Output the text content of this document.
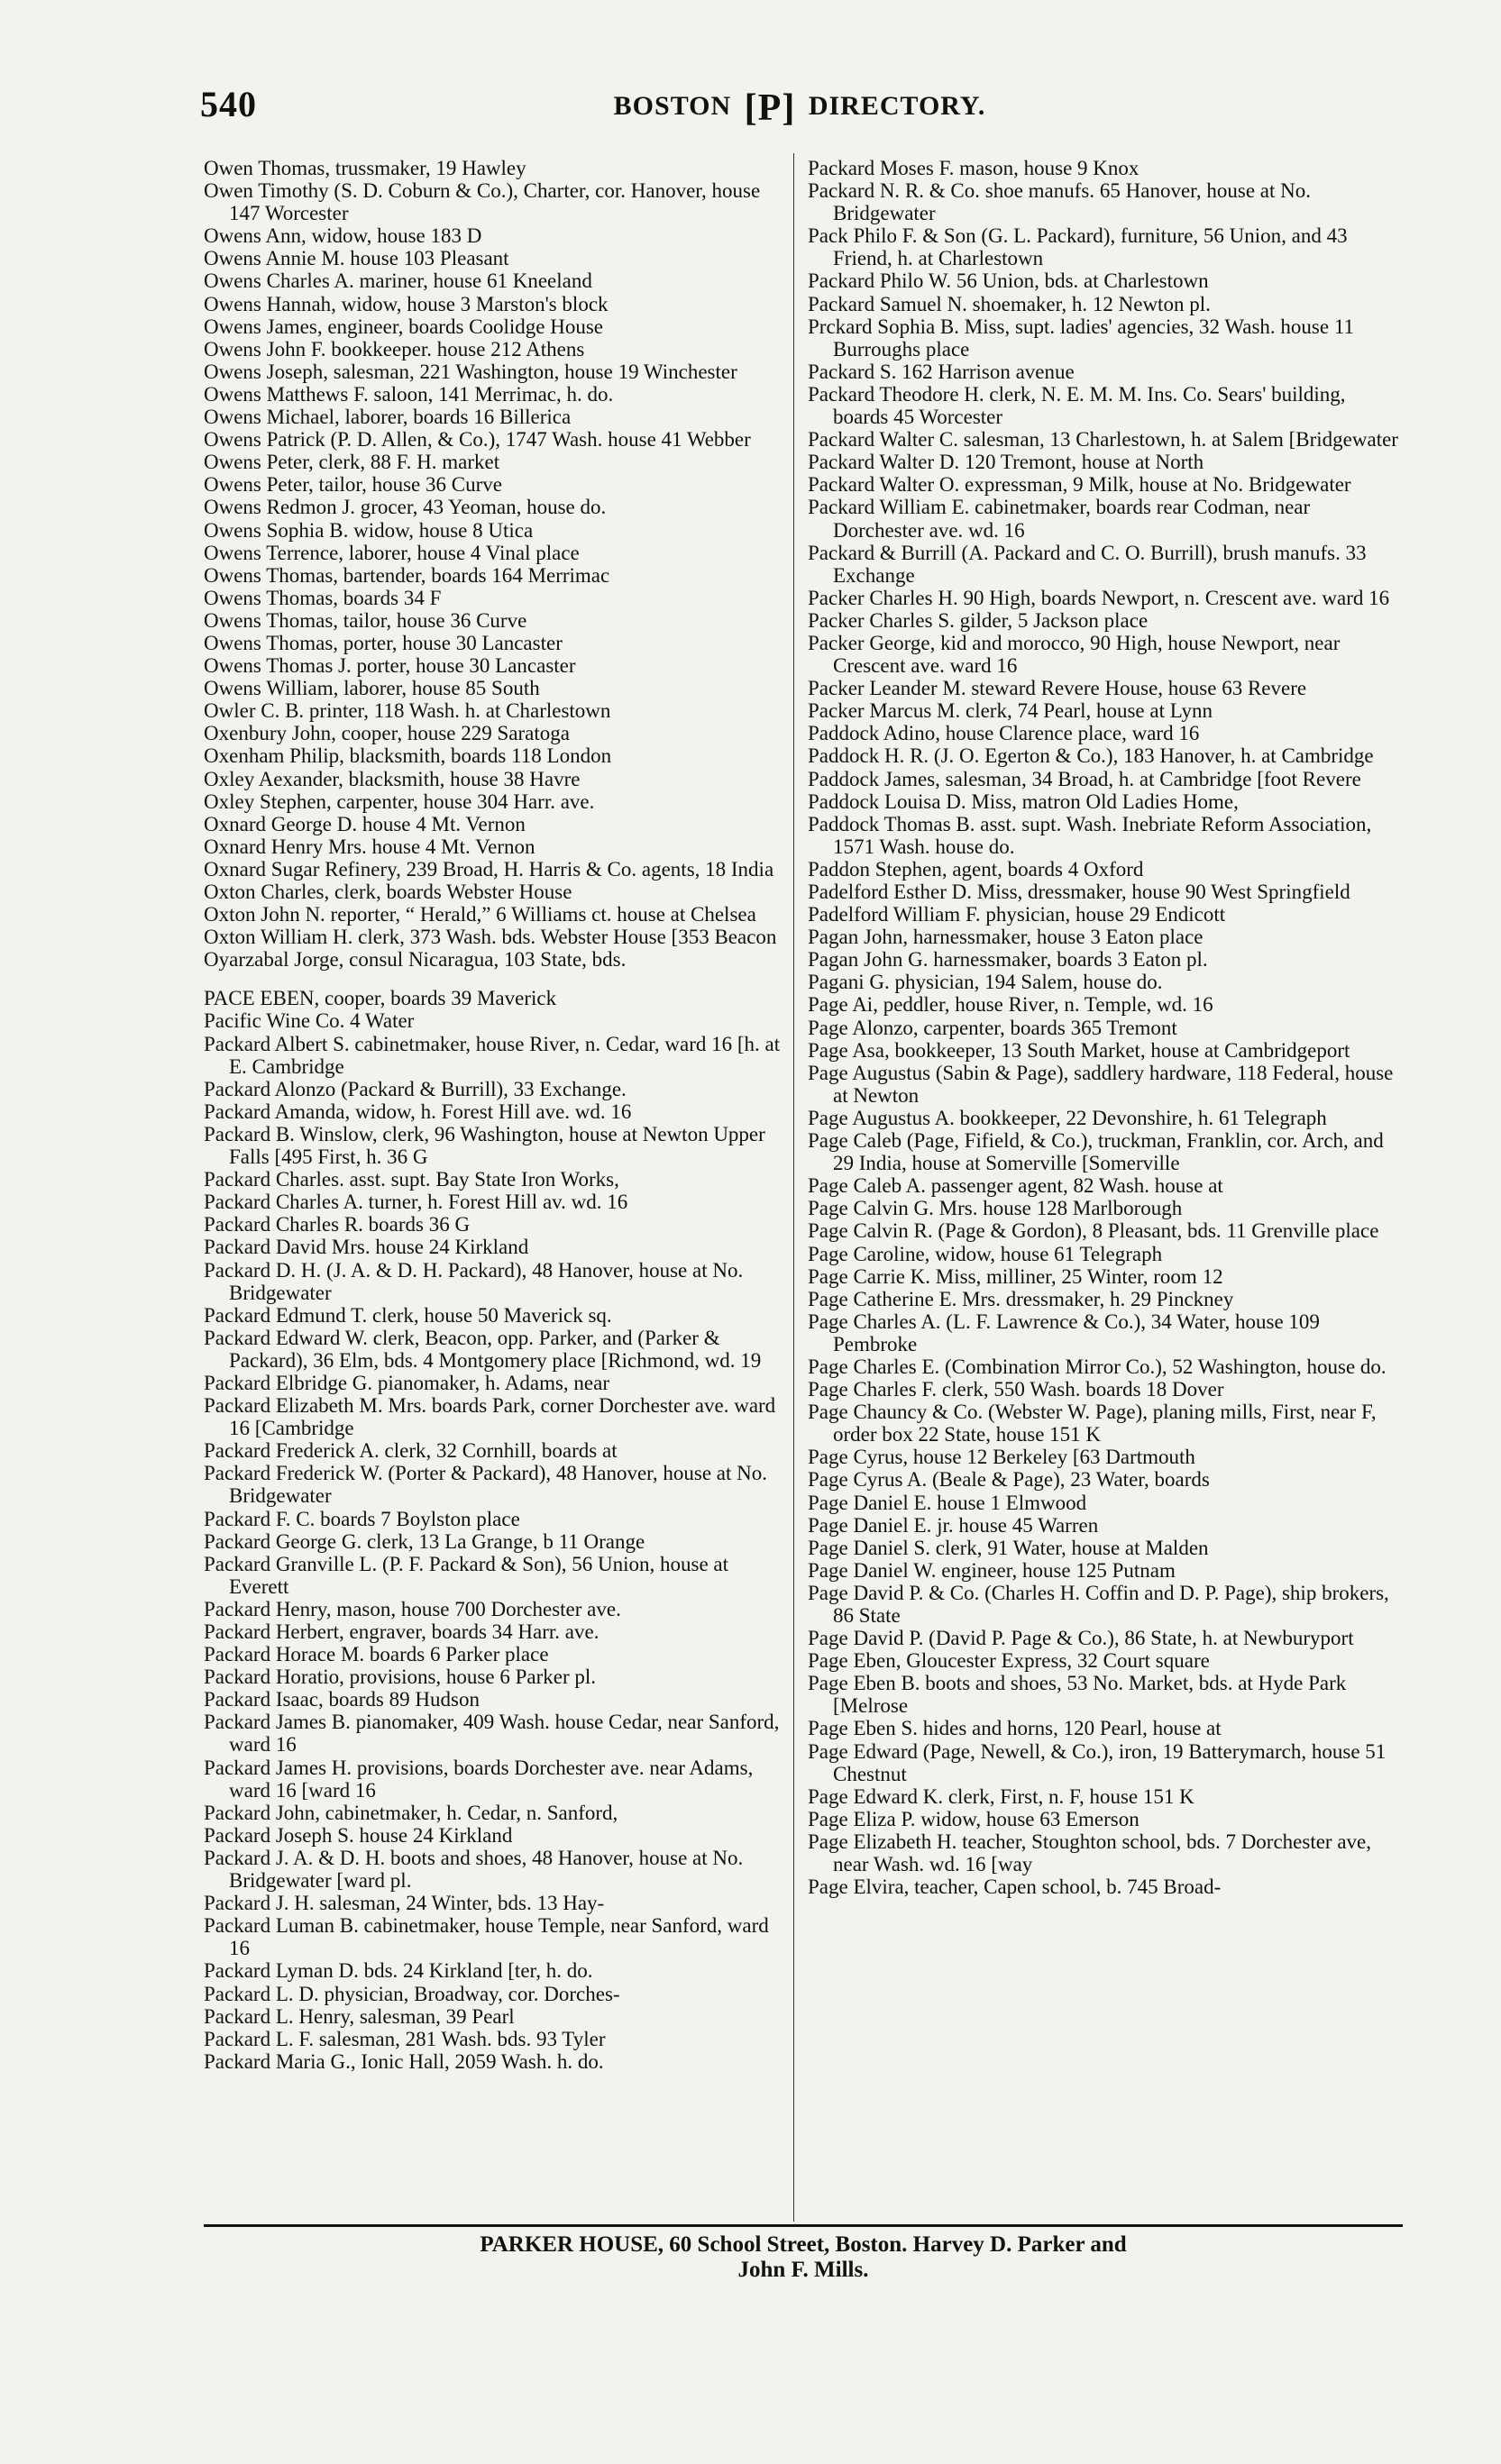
540	BOSTON [P] DIRECTORY.

Owen Thomas, trussmaker, 19 Hawley

Owen Timothy (S. D. Coburn & Co.), Charter, cor. Hanover, house 147 Worcester

Owens Ann, widow, house 183 D

Owens Annie M. house 103 Pleasant

Owens Charles A. mariner, house 61 Kneeland

Owens Hannah, widow, house 3 Marston's block

Owens James, engineer, boards Coolidge House

Owens John F. bookkeeper. house 212 Athens

Owens Joseph, salesman, 221 Washington, house 19 Winchester

Owens Matthews F. saloon, 141 Merrimac, h. do.

Owens Michael, laborer, boards 16 Billerica

Owens Patrick (P. D. Allen, & Co.), 1747 Wash. house 41 Webber

Owens Peter, clerk, 88 F. H. market

Owens Peter, tailor, house 36 Curve

Owens Redmon J. grocer, 43 Yeoman, house do.

Owens Sophia B. widow, house 8 Utica

Owens Terrence, laborer, house 4 Vinal place

Owens Thomas, bartender, boards 164 Merrimac

Owens Thomas, boards 34 F

Owens Thomas, tailor, house 36 Curve

Owens Thomas, porter, house 30 Lancaster

Owens Thomas J. porter, house 30 Lancaster

Owens William, laborer, house 85 South

Owler C. B. printer, 118 Wash. h. at Charlestown

Oxenbury John, cooper, house 229 Saratoga

Oxenham Philip, blacksmith, boards 118 London

Oxley Aexander, blacksmith, house 38 Havre

Oxley Stephen, carpenter, house 304 Harr. ave.

Oxnard George D. house 4 Mt. Vernon

Oxnard Henry Mrs. house 4 Mt. Vernon

Oxnard Sugar Refinery, 239 Broad, H. Harris & Co. agents, 18 India

Oxton Charles, clerk, boards Webster House

Oxton John N. reporter, “ Herald,” 6 Williams ct. house at Chelsea

Oxton William H. clerk, 373 Wash. bds. Webster House [353 Beacon

Oyarzabal Jorge, consul Nicaragua, 103 State, bds.

PACE EBEN, cooper, boards 39 Maverick

Pacific Wine Co. 4 Water

Packard Albert S. cabinetmaker, house River, n. Cedar, ward 16 [h. at E. Cambridge

Packard Alonzo (Packard & Burrill), 33 Exchange.

Packard Amanda, widow, h. Forest Hill ave. wd. 16

Packard B. Winslow, clerk, 96 Washington, house at Newton Upper Falls [495 First, h. 36 G

Packard Charles. asst. supt. Bay State Iron Works,

Packard Charles A. turner, h. Forest Hill av. wd. 16

Packard Charles R. boards 36 G

Packard David Mrs. house 24 Kirkland

Packard D. H. (J. A. & D. H. Packard), 48 Hanover, house at No. Bridgewater

Packard Edmund T. clerk, house 50 Maverick sq.

Packard Edward W. clerk, Beacon, opp. Parker, and (Parker & Packard), 36 Elm, bds. 4 Montgomery place [Richmond, wd. 19

Packard Elbridge G. pianomaker, h. Adams, near

Packard Elizabeth M. Mrs. boards Park, corner Dorchester ave. ward 16 [Cambridge

Packard Frederick A. clerk, 32 Cornhill, boards at

Packard Frederick W. (Porter & Packard), 48 Hanover, house at No. Bridgewater

Packard F. C. boards 7 Boylston place

Packard George G. clerk, 13 La Grange, b 11 Orange

Packard Granville L. (P. F. Packard & Son), 56 Union, house at Everett

Packard Henry, mason, house 700 Dorchester ave.

Packard Herbert, engraver, boards 34 Harr. ave.

Packard Horace M. boards 6 Parker place

Packard Horatio, provisions, house 6 Parker pl.

Packard Isaac, boards 89 Hudson

Packard James B. pianomaker, 409 Wash. house Cedar, near Sanford, ward 16

Packard James H. provisions, boards Dorchester ave. near Adams, ward 16 [ward 16

Packard John, cabinetmaker, h. Cedar, n. Sanford,

Packard Joseph S. house 24 Kirkland

Packard J. A. & D. H. boots and shoes, 48 Hanover, house at No. Bridgewater [ward pl.

Packard J. H. salesman, 24 Winter, bds. 13 Hay-

Packard Luman B. cabinetmaker, house Temple, near Sanford, ward 16

Packard Lyman D. bds. 24 Kirkland [ter, h. do.

Packard L. D. physician, Broadway, cor. Dorches-

Packard L. Henry, salesman, 39 Pearl

Packard L. F. salesman, 281 Wash. bds. 93 Tyler

Packard Maria G., Ionic Hall, 2059 Wash. h. do.

Packard Moses F. mason, house 9 Knox

Packard N. R. & Co. shoe manufs. 65 Hanover, house at No. Bridgewater

Pack Philo F. & Son (G. L. Packard), furniture, 56 Union, and 43 Friend, h. at Charlestown

Packard Philo W. 56 Union, bds. at Charlestown

Packard Samuel N. shoemaker, h. 12 Newton pl.

Prckard Sophia B. Miss, supt. ladies' agencies, 32 Wash. house 11 Burroughs place

Packard S. 162 Harrison avenue

Packard Theodore H. clerk, N. E. M. M. Ins. Co. Sears' building, boards 45 Worcester

Packard Walter C. salesman, 13 Charlestown, h. at Salem [Bridgewater

Packard Walter D. 120 Tremont, house at North

Packard Walter O. expressman, 9 Milk, house at No. Bridgewater

Packard William E. cabinetmaker, boards rear Codman, near Dorchester ave. wd. 16

Packard & Burrill (A. Packard and C. O. Burrill), brush manufs. 33 Exchange

Packer Charles H. 90 High, boards Newport, n. Crescent ave. ward 16

Packer Charles S. gilder, 5 Jackson place

Packer George, kid and morocco, 90 High, house Newport, near Crescent ave. ward 16

Packer Leander M. steward Revere House, house 63 Revere

Packer Marcus M. clerk, 74 Pearl, house at Lynn

Paddock Adino, house Clarence place, ward 16

Paddock H. R. (J. O. Egerton & Co.), 183 Hanover, h. at Cambridge

Paddock James, salesman, 34 Broad, h. at Cambridge [foot Revere

Paddock Louisa D. Miss, matron Old Ladies Home,

Paddock Thomas B. asst. supt. Wash. Inebriate Reform Association, 1571 Wash. house do.

Paddon Stephen, agent, boards 4 Oxford

Padelford Esther D. Miss, dressmaker, house 90 West Springfield

Padelford William F. physician, house 29 Endicott

Pagan John, harnessmaker, house 3 Eaton place

Pagan John G. harnessmaker, boards 3 Eaton pl.

Pagani G. physician, 194 Salem, house do.

Page Ai, peddler, house River, n. Temple, wd. 16

Page Alonzo, carpenter, boards 365 Tremont

Page Asa, bookkeeper, 13 South Market, house at Cambridgeport

Page Augustus (Sabin & Page), saddlery hardware, 118 Federal, house at Newton

Page Augustus A. bookkeeper, 22 Devonshire, h. 61 Telegraph

Page Caleb (Page, Fifield, & Co.), truckman, Franklin, cor. Arch, and 29 India, house at Somerville [Somerville

Page Caleb A. passenger agent, 82 Wash. house at

Page Calvin G. Mrs. house 128 Marlborough

Page Calvin R. (Page & Gordon), 8 Pleasant, bds. 11 Grenville place

Page Caroline, widow, house 61 Telegraph

Page Carrie K. Miss, milliner, 25 Winter, room 12

Page Catherine E. Mrs. dressmaker, h. 29 Pinckney

Page Charles A. (L. F. Lawrence & Co.), 34 Water, house 109 Pembroke

Page Charles E. (Combination Mirror Co.), 52 Washington, house do.

Page Charles F. clerk, 550 Wash. boards 18 Dover

Page Chauncy & Co. (Webster W. Page), planing mills, First, near F, order box 22 State, house 151 K

Page Cyrus, house 12 Berkeley [63 Dartmouth

Page Cyrus A. (Beale & Page), 23 Water, boards

Page Daniel E. house 1 Elmwood

Page Daniel E. jr. house 45 Warren

Page Daniel S. clerk, 91 Water, house at Malden

Page Daniel W. engineer, house 125 Putnam

Page David P. & Co. (Charles H. Coffin and D. P. Page), ship brokers, 86 State

Page David P. (David P. Page & Co.), 86 State, h. at Newburyport

Page Eben, Gloucester Express, 32 Court square

Page Eben B. boots and shoes, 53 No. Market, bds. at Hyde Park [Melrose

Page Eben S. hides and horns, 120 Pearl, house at

Page Edward (Page, Newell, & Co.), iron, 19 Batterymarch, house 51 Chestnut

Page Edward K. clerk, First, n. F, house 151 K

Page Eliza P. widow, house 63 Emerson

Page Elizabeth H. teacher, Stoughton school, bds. 7 Dorchester ave, near Wash. wd. 16 [way

Page Elvira, teacher, Capen school, b. 745 Broad-

PARKER HOUSE, 60 School Street, Boston. Harvey D. Parker and
John F. Mills.
